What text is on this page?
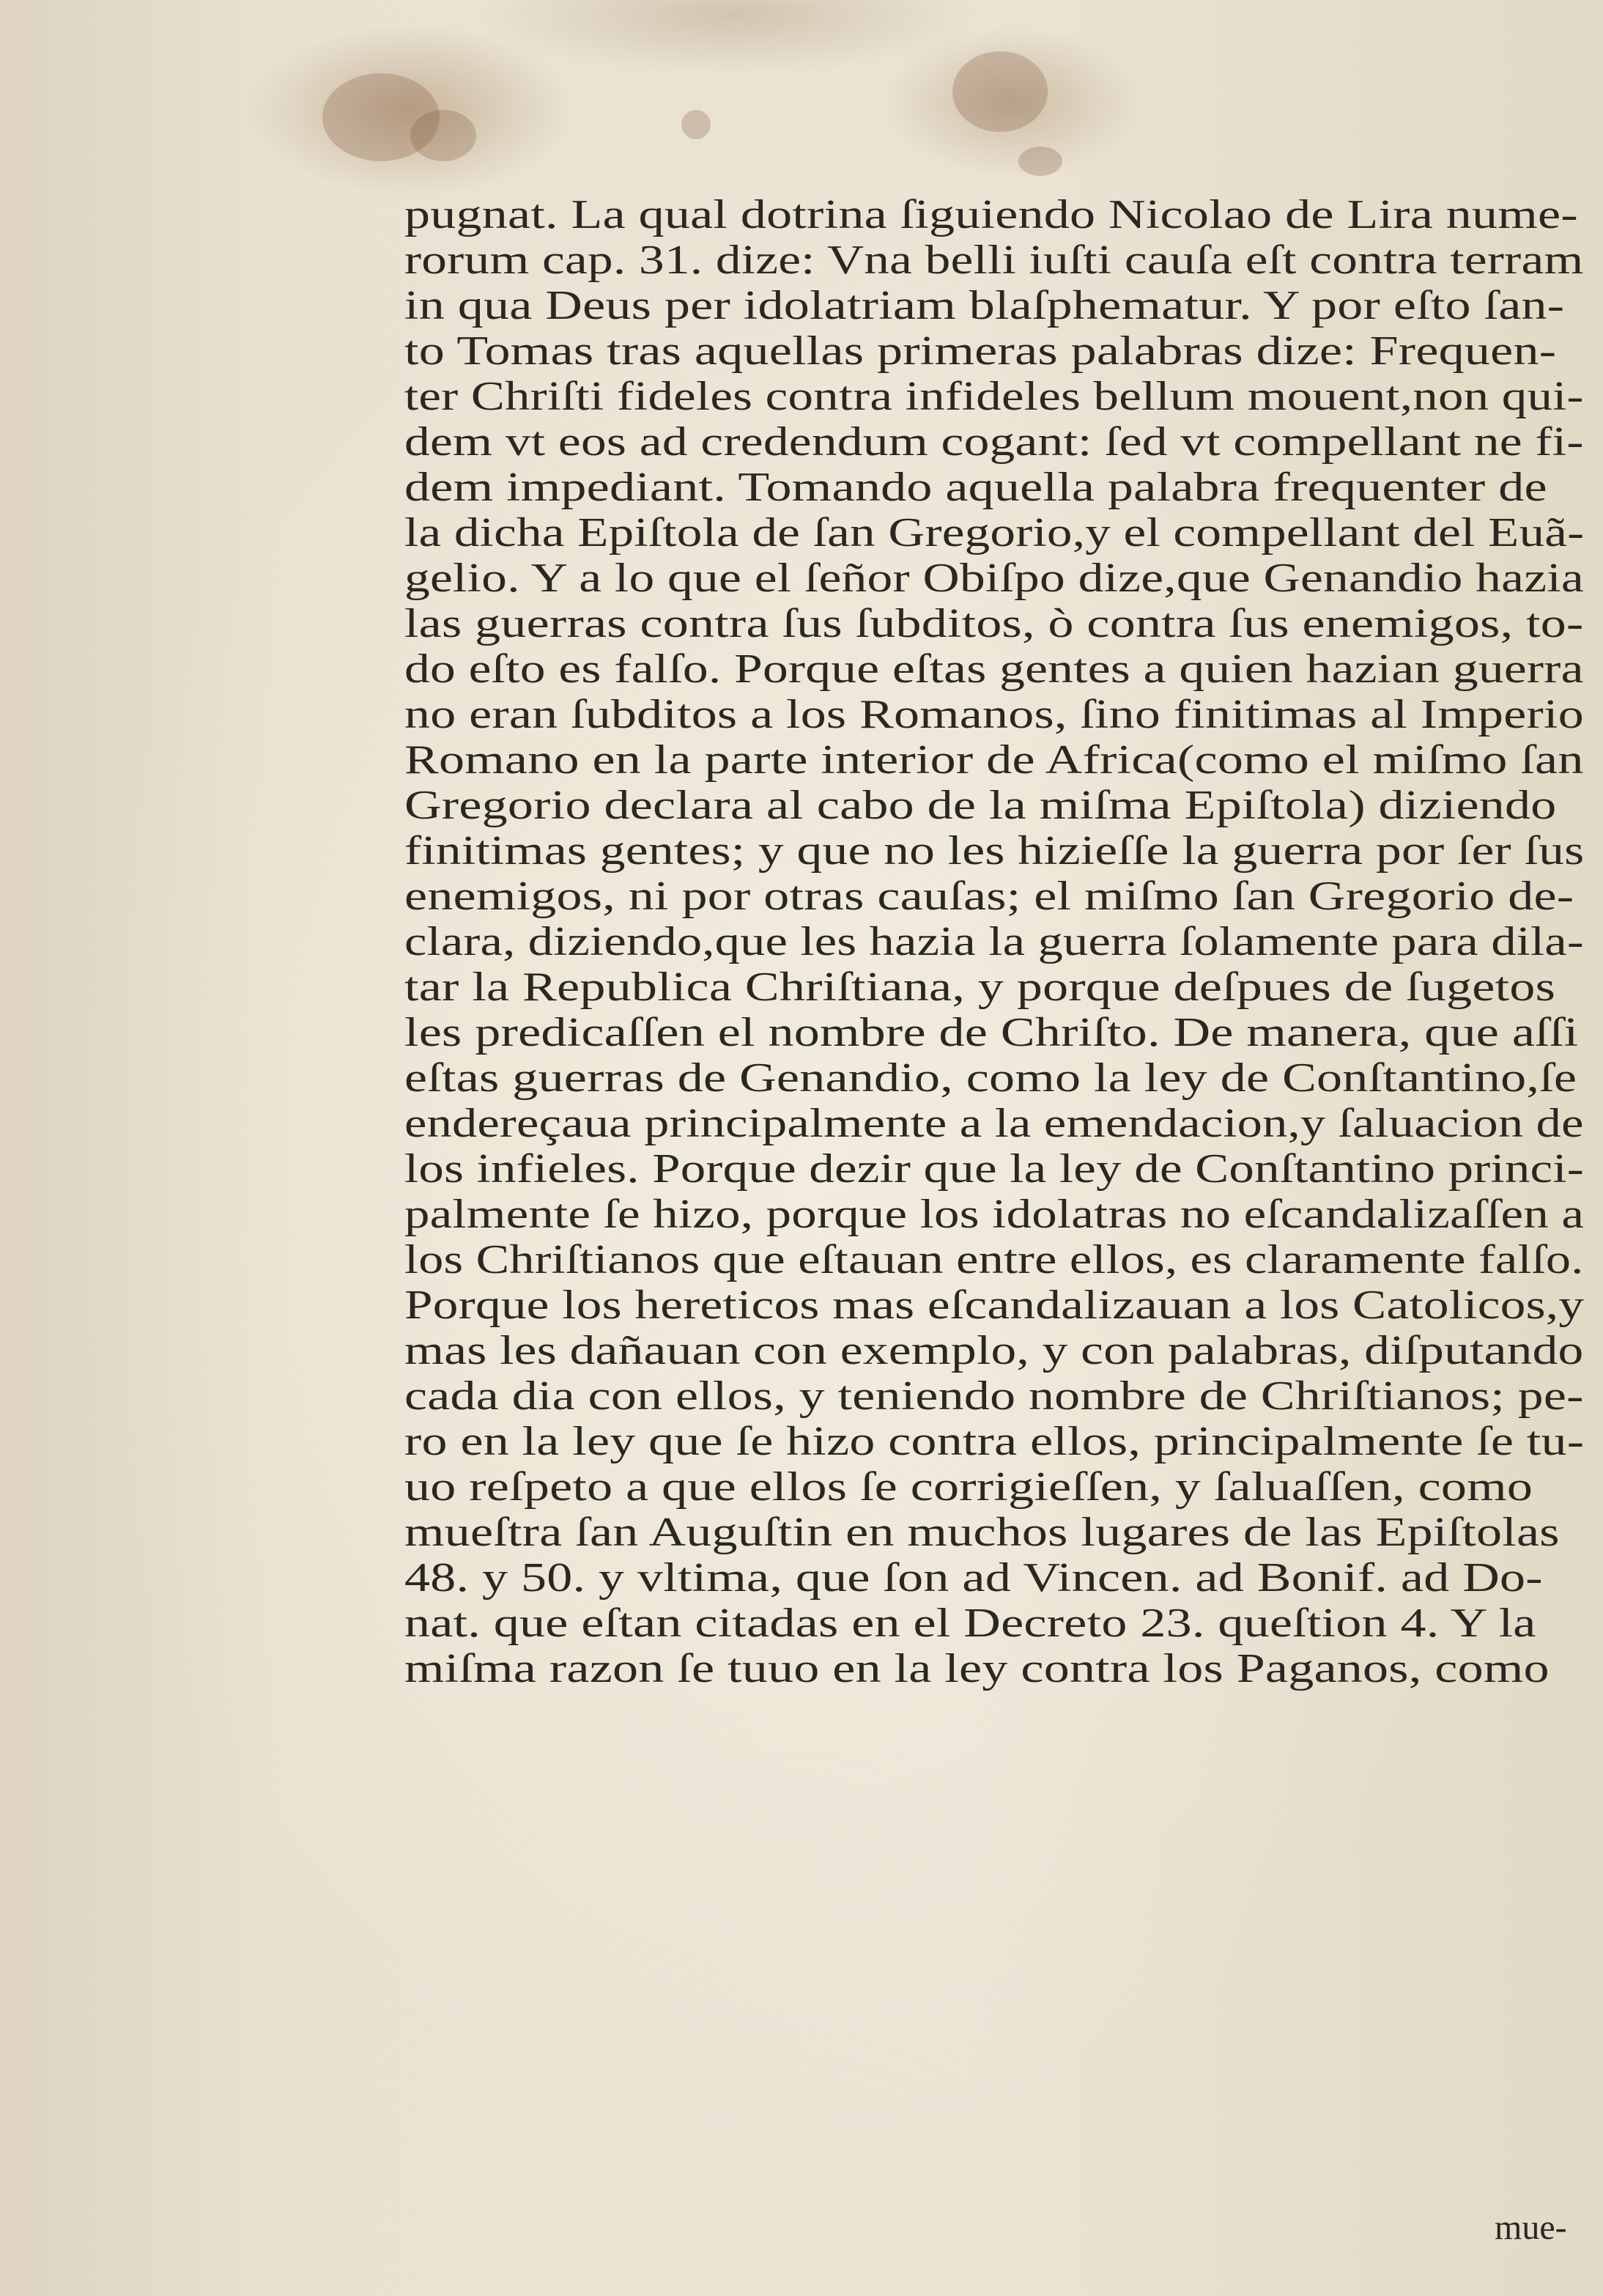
pugnat. La qual dotrina ſiguiendo Nicolao de Lira nume-
rorum cap. 31. dize: Vna belli iuſti cauſa eſt contra terram
in qua Deus per idolatriam blaſphematur. Y por eſto ſan-
to Tomas tras aquellas primeras palabras dize: Frequen-
ter Chriſti fideles contra infideles bellum mouent,non qui-
dem vt eos ad credendum cogant: ſed vt compellant ne fi-
dem impediant. Tomando aquella palabra frequenter de
la dicha Epiſtola de ſan Gregorio,y el compellant del Euã-
gelio. Y a lo que el ſeñor Obiſpo dize,que Genandio hazia
las guerras contra ſus ſubditos, ò contra ſus enemigos, to-
do eſto es falſo. Porque eſtas gentes a quien hazian guerra
no eran ſubditos a los Romanos, ſino finitimas al Imperio
Romano en la parte interior de Africa(como el miſmo ſan
Gregorio declara al cabo de la miſma Epiſtola) diziendo
finitimas gentes; y que no les hizieſſe la guerra por ſer ſus
enemigos, ni por otras cauſas; el miſmo ſan Gregorio de-
clara, diziendo,que les hazia la guerra ſolamente para dila-
tar la Republica Chriſtiana, y porque deſpues de ſugetos
les predicaſſen el nombre de Chriſto. De manera, que aſſi
eſtas guerras de Genandio, como la ley de Conſtantino,ſe
endereçaua principalmente a la emendacion,y ſaluacion de
los infieles. Porque dezir que la ley de Conſtantino princi-
palmente ſe hizo, porque los idolatras no eſcandalizaſſen a
los Chriſtianos que eſtauan entre ellos, es claramente falſo.
Porque los hereticos mas eſcandalizauan a los Catolicos,y
mas les dañauan con exemplo, y con palabras, diſputando
cada dia con ellos, y teniendo nombre de Chriſtianos; pe-
ro en la ley que ſe hizo contra ellos, principalmente ſe tu-
uo reſpeto a que ellos ſe corrigieſſen, y ſaluaſſen, como
mueſtra ſan Auguſtin en muchos lugares de las Epiſtolas
48. y 50. y vltima, que ſon ad Vincen. ad Bonif. ad Do-
nat. que eſtan citadas en el Decreto 23. queſtion 4. Y la
miſma razon ſe tuuo en la ley contra los Paganos, como
mue-
